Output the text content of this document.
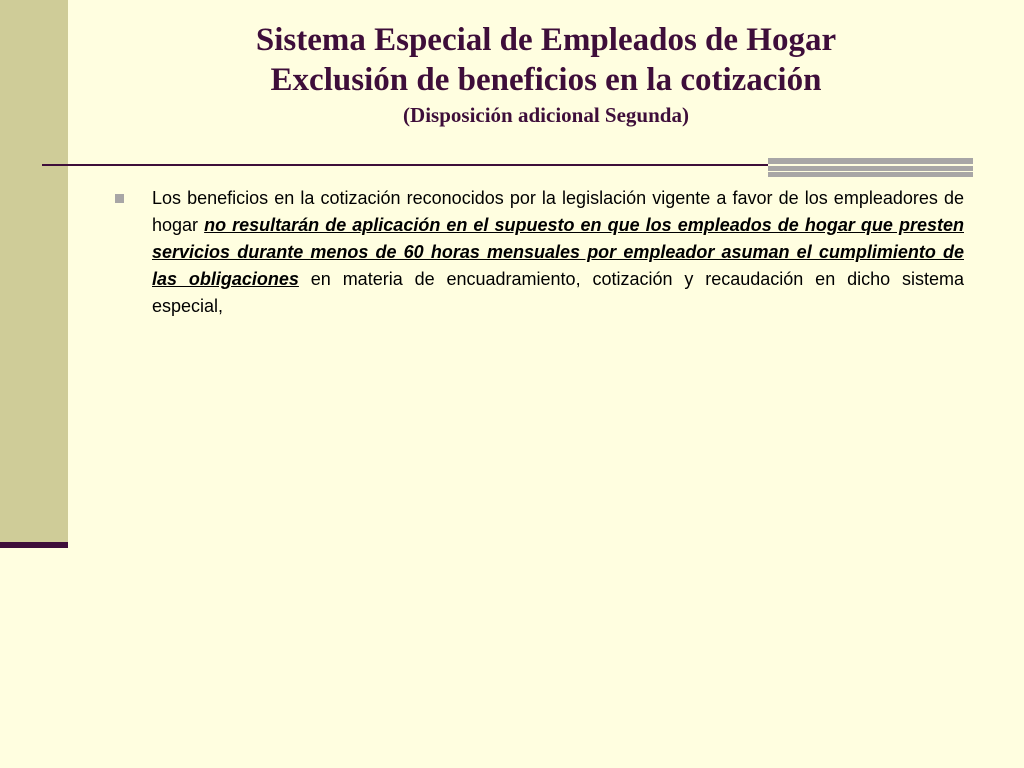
Sistema Especial de Empleados de Hogar
Exclusión de beneficios en la cotización
(Disposición adicional Segunda)
Los beneficios en la cotización reconocidos por la legislación vigente a favor de los empleadores de hogar no resultarán de aplicación en el supuesto en que los empleados de hogar que presten servicios durante menos de 60 horas mensuales por empleador asuman el cumplimiento de las obligaciones en materia de encuadramiento, cotización y recaudación en dicho sistema especial,
